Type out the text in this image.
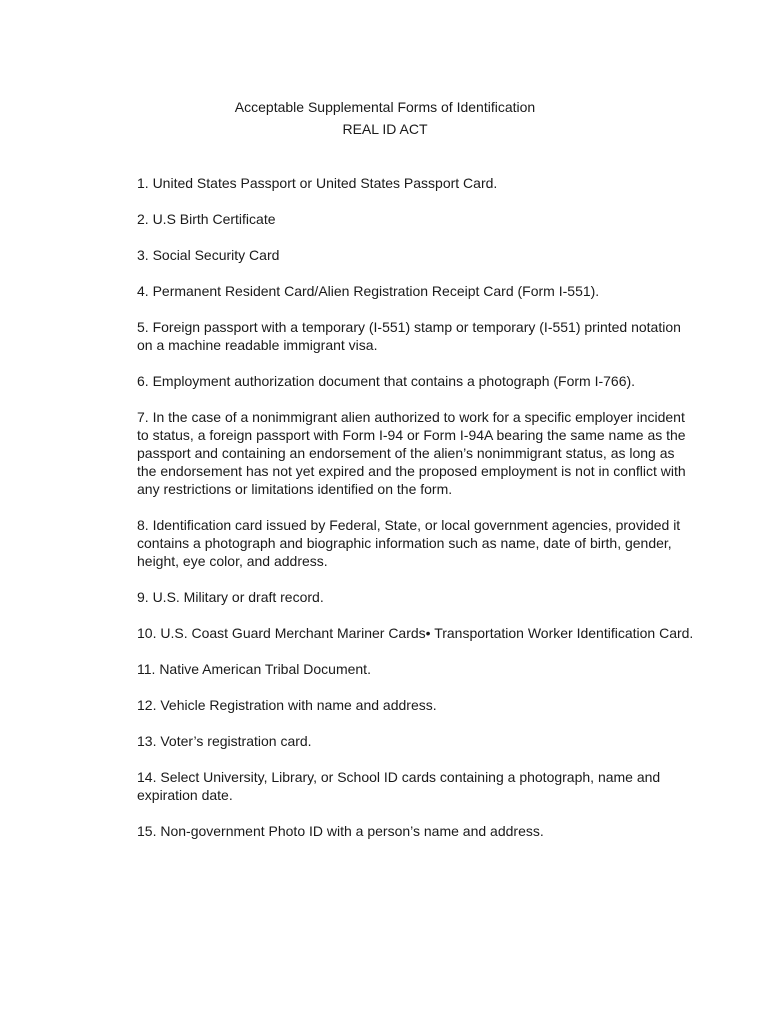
Acceptable Supplemental Forms of Identification
REAL ID ACT

1. United States Passport or United States Passport Card.

2. U.S Birth Certificate

3. Social Security Card

4. Permanent Resident Card/Alien Registration Receipt Card (Form I-551).

5. Foreign passport with a temporary (I-551) stamp or temporary (I-551) printed notation on a machine readable immigrant visa.

6. Employment authorization document that contains a photograph (Form I-766).

7. In the case of a nonimmigrant alien authorized to work for a specific employer incident to status, a foreign passport with Form I-94 or Form I-94A bearing the same name as the passport and containing an endorsement of the alien’s nonimmigrant status, as long as the endorsement has not yet expired and the proposed employment is not in conflict with any restrictions or limitations identified on the form.

8. Identification card issued by Federal, State, or local government agencies, provided it contains a photograph and biographic information such as name, date of birth, gender, height, eye color, and address.

9. U.S. Military or draft record.

10. U.S. Coast Guard Merchant Mariner Cards• Transportation Worker Identification Card.

11. Native American Tribal Document.

12. Vehicle Registration with name and address.

13. Voter’s registration card.

14. Select University, Library, or School ID cards containing a photograph, name and expiration date.

15. Non-government Photo ID with a person’s name and address.
